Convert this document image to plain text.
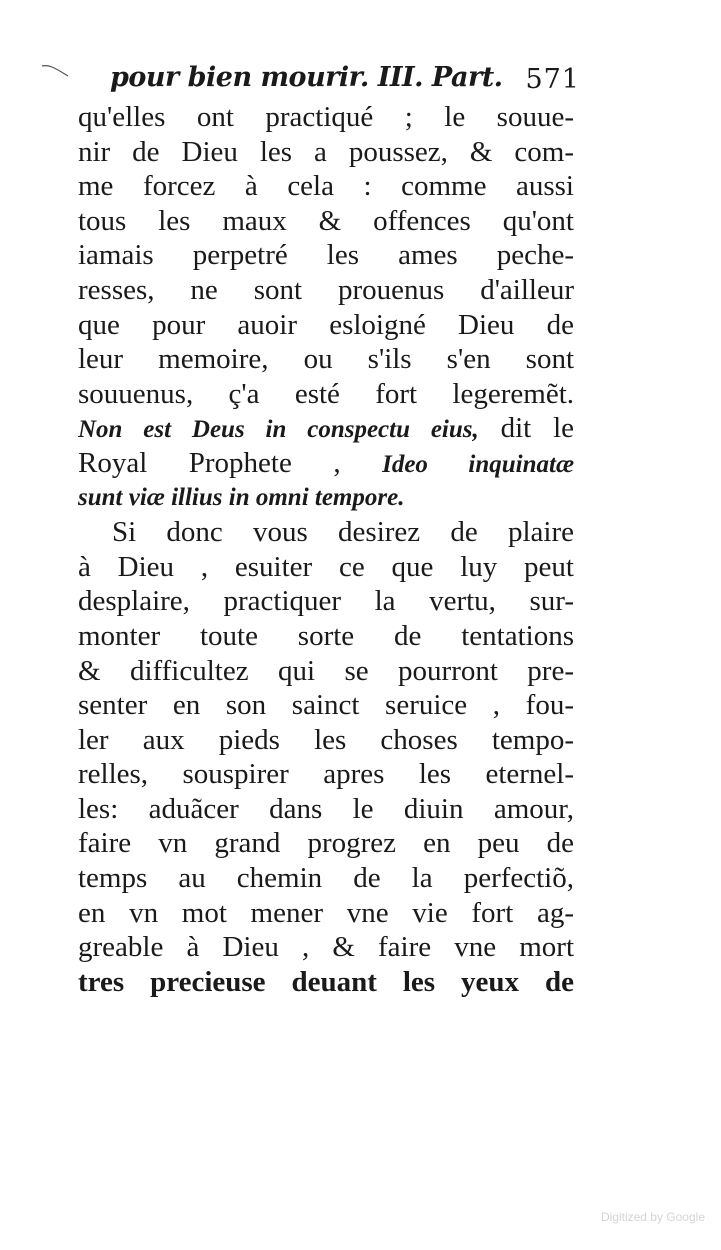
pour bien mourir. III. Part. 571
qu'elles ont practiqué ; le souue-
nir de Dieu les a poussez, & com-
me forcez à cela : comme aussi
tous les maux & offences qu'ont
iamais perpetré les ames peche-
resses, ne sont prouenus d'ailleur
que pour auoir esloigné Dieu de
leur memoire, ou s'ils s'en sont
souuenus, ç'a esté fort legeremẽt.
Non est Deus in conspectu eius, dit le
Royal Prophete , Ideo inquinatæ
sunt viæ illius in omni tempore.
Si donc vous desirez de plaire
à Dieu , esuiter ce que luy peut
desplaire, practiquer la vertu, sur-
monter toute sorte de tentations
& difficultez qui se pourront pre-
senter en son sainct seruice , fou-
ler aux pieds les choses tempo-
relles, souspirer apres les eternel-
les: aduãcer dans le diuin amour,
faire vn grand progrez en peu de
temps au chemin de la perfectiõ,
en vn mot mener vne vie fort ag-
greable à Dieu , & faire vne mort
tres precieuse deuant les yeux de
Digitized by Google
